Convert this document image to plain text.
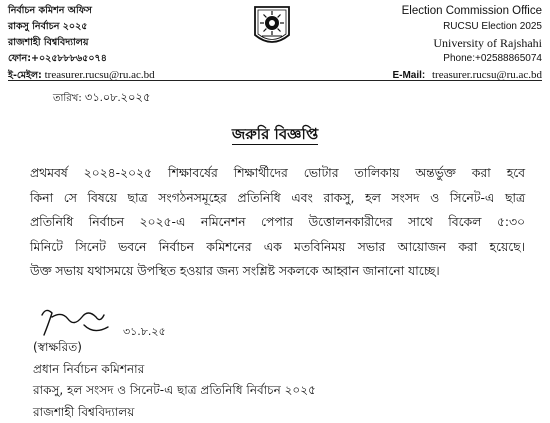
নির্বাচন কমিশন অফিস
রাকসু নির্বাচন ২০২৫
রাজশাহী বিশ্ববিদ্যালয়
ফোন:+০২৫৮৮৮৬৫০৭৪
ই-মেইল: treasurer.rucsu@ru.ac.bd
Election Commission Office
RUCSU Election 2025
University of Rajshahi
Phone:+02588865074
E-Mail: treasurer.rucsu@ru.ac.bd
তারিখ: ৩১.০৮.২০২৫
জরুরি বিজ্ঞপ্তি
প্রথমবর্ষ ২০২৪-২০২৫ শিক্ষাবর্ষের শিক্ষার্থীদের ভোটার তালিকায় অন্তর্ভুক্ত করা হবে
কিনা সে বিষয়ে ছাত্র সংগঠনসমূহের প্রতিনিধি এবং রাকসু, হল সংসদ ও সিনেট-এ ছাত্র
প্রতিনিধি নির্বাচন ২০২৫-এ নমিনেশন পেপার উত্তোলনকারীদের সাথে বিকেল ৫:৩০
মিনিটে সিনেট ভবনে নির্বাচন কমিশনের এক মতবিনিময় সভার আয়োজন করা হয়েছে।
উক্ত সভায় যথাসময়ে উপস্থিত হওয়ার জন্য সংশ্লিষ্ট সকলকে আহ্বান জানানো যাচ্ছে।
৩১.৮.২৫
(স্বাক্ষরিত)
প্রধান নির্বাচন কমিশনার
রাকসু, হল সংসদ ও সিনেট-এ ছাত্র প্রতিনিধি নির্বাচন ২০২৫
রাজশাহী বিশ্ববিদ্যালয়
